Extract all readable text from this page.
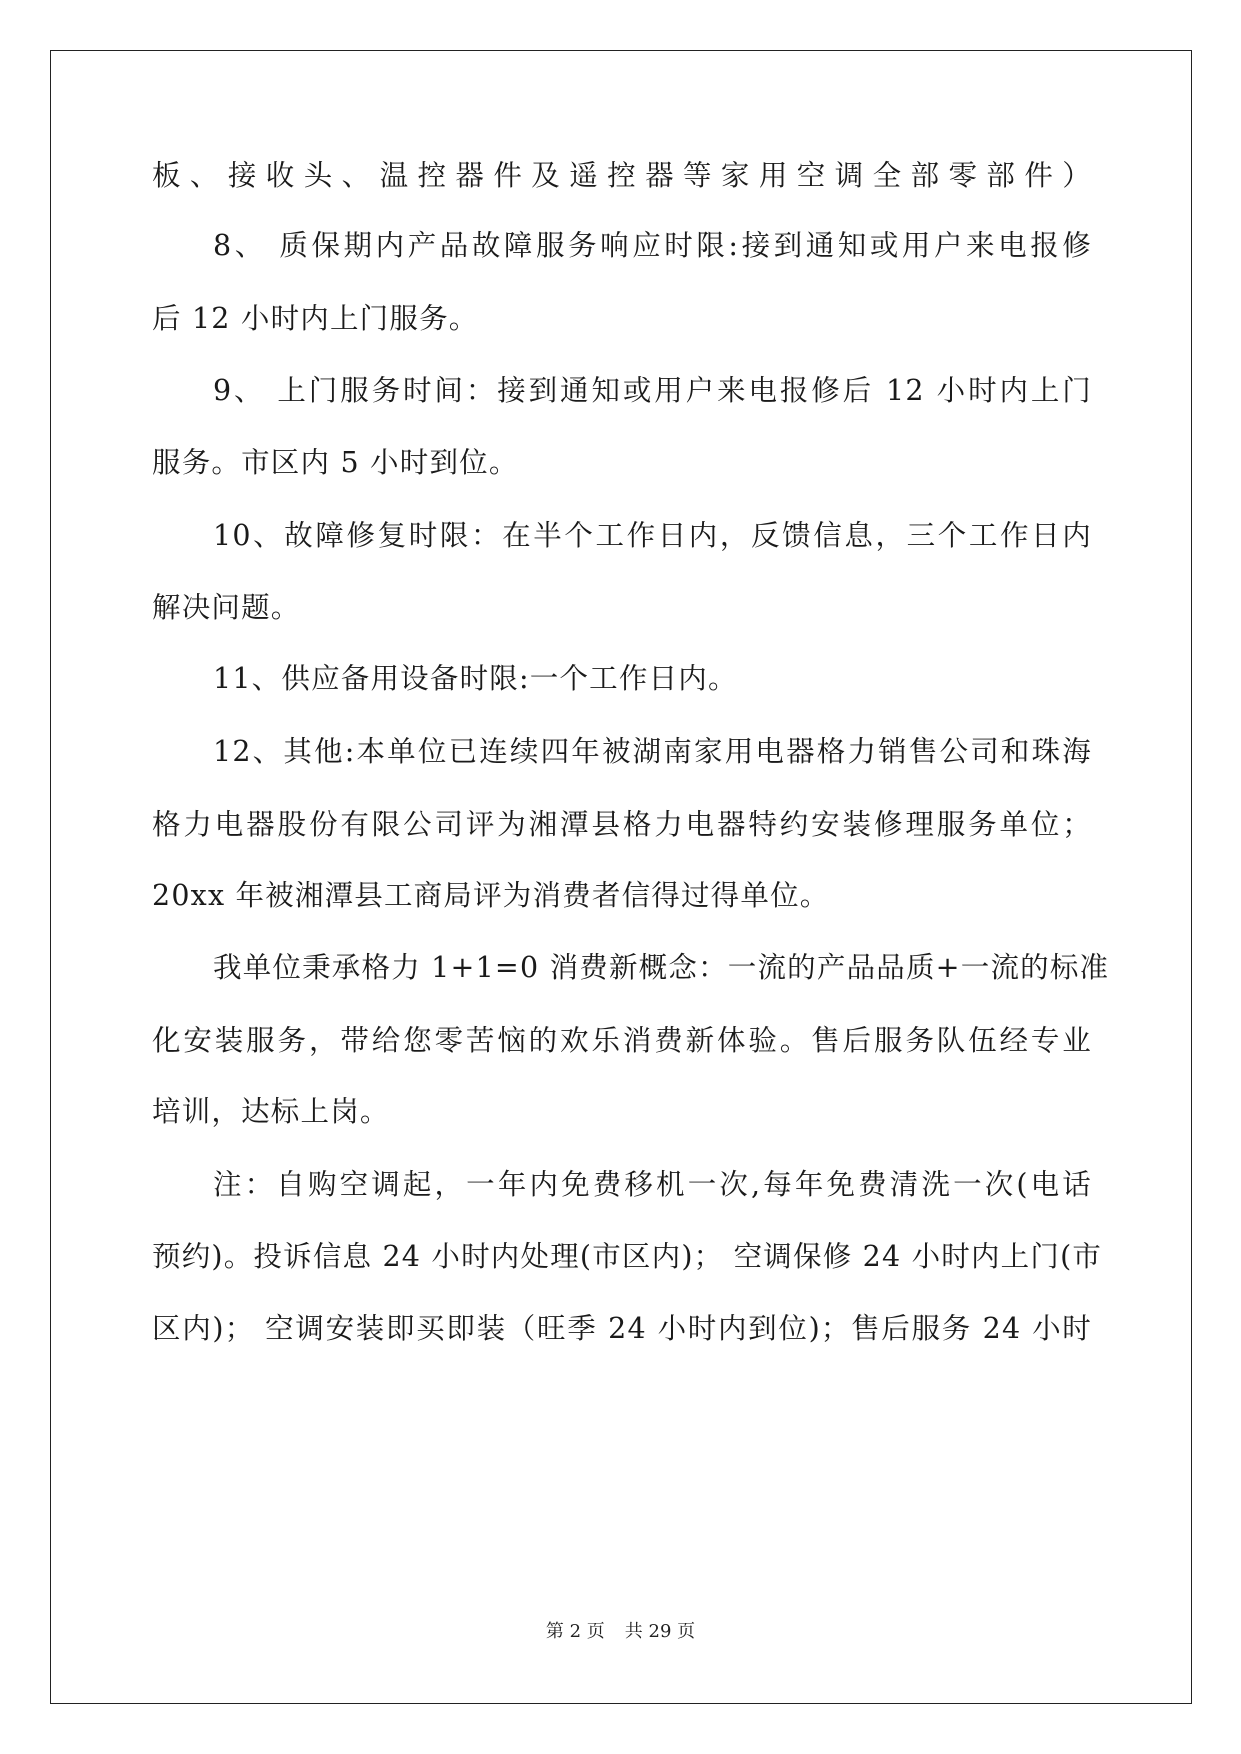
板、接收头、温控器件及遥控器等家用空调全部零部件）
8、 质保期内产品故障服务响应时限:接到通知或用户来电报修
后 12 小时内上门服务。
9、 上门服务时间：接到通知或用户来电报修后 12 小时内上门
服务。市区内 5 小时到位。
10、故障修复时限：在半个工作日内，反馈信息，三个工作日内
解决问题。
11、供应备用设备时限:一个工作日内。
12、其他:本单位已连续四年被湖南家用电器格力销售公司和珠海
格力电器股份有限公司评为湘潭县格力电器特约安装修理服务单位；
20xx 年被湘潭县工商局评为消费者信得过得单位。
我单位秉承格力 1+1=0 消费新概念：一流的产品品质+一流的标准
化安装服务，带给您零苦恼的欢乐消费新体验。售后服务队伍经专业
培训，达标上岗。
注：自购空调起，一年内免费移机一次,每年免费清洗一次(电话
预约)。投诉信息 24 小时内处理(市区内)； 空调保修 24 小时内上门(市
区内)； 空调安装即买即装（旺季 24 小时内到位)；售后服务 24 小时
第 2 页 共 29 页
